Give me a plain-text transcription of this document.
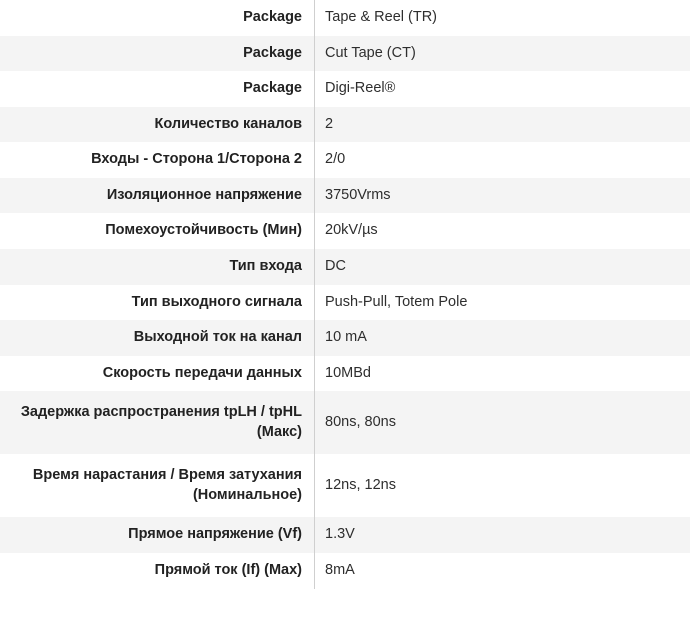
Package	Tape & Reel (TR)
Package	Cut Tape (CT)
Package	Digi-Reel®
Количество каналов	2
Входы - Сторона 1/Сторона 2	2/0
Изоляционное напряжение	3750Vrms
Помехоустойчивость (Мин)	20kV/µs
Тип входа	DC
Тип выходного сигнала	Push-Pull, Totem Pole
Выходной ток на канал	10 mA
Скорость передачи данных	10MBd
Задержка распространения tpLH / tpHL (Макс)	80ns, 80ns
Время нарастания / Время затухания (Номинальное)	12ns, 12ns
Прямое напряжение (Vf)	1.3V
Прямой ток (If) (Max)	8mA
